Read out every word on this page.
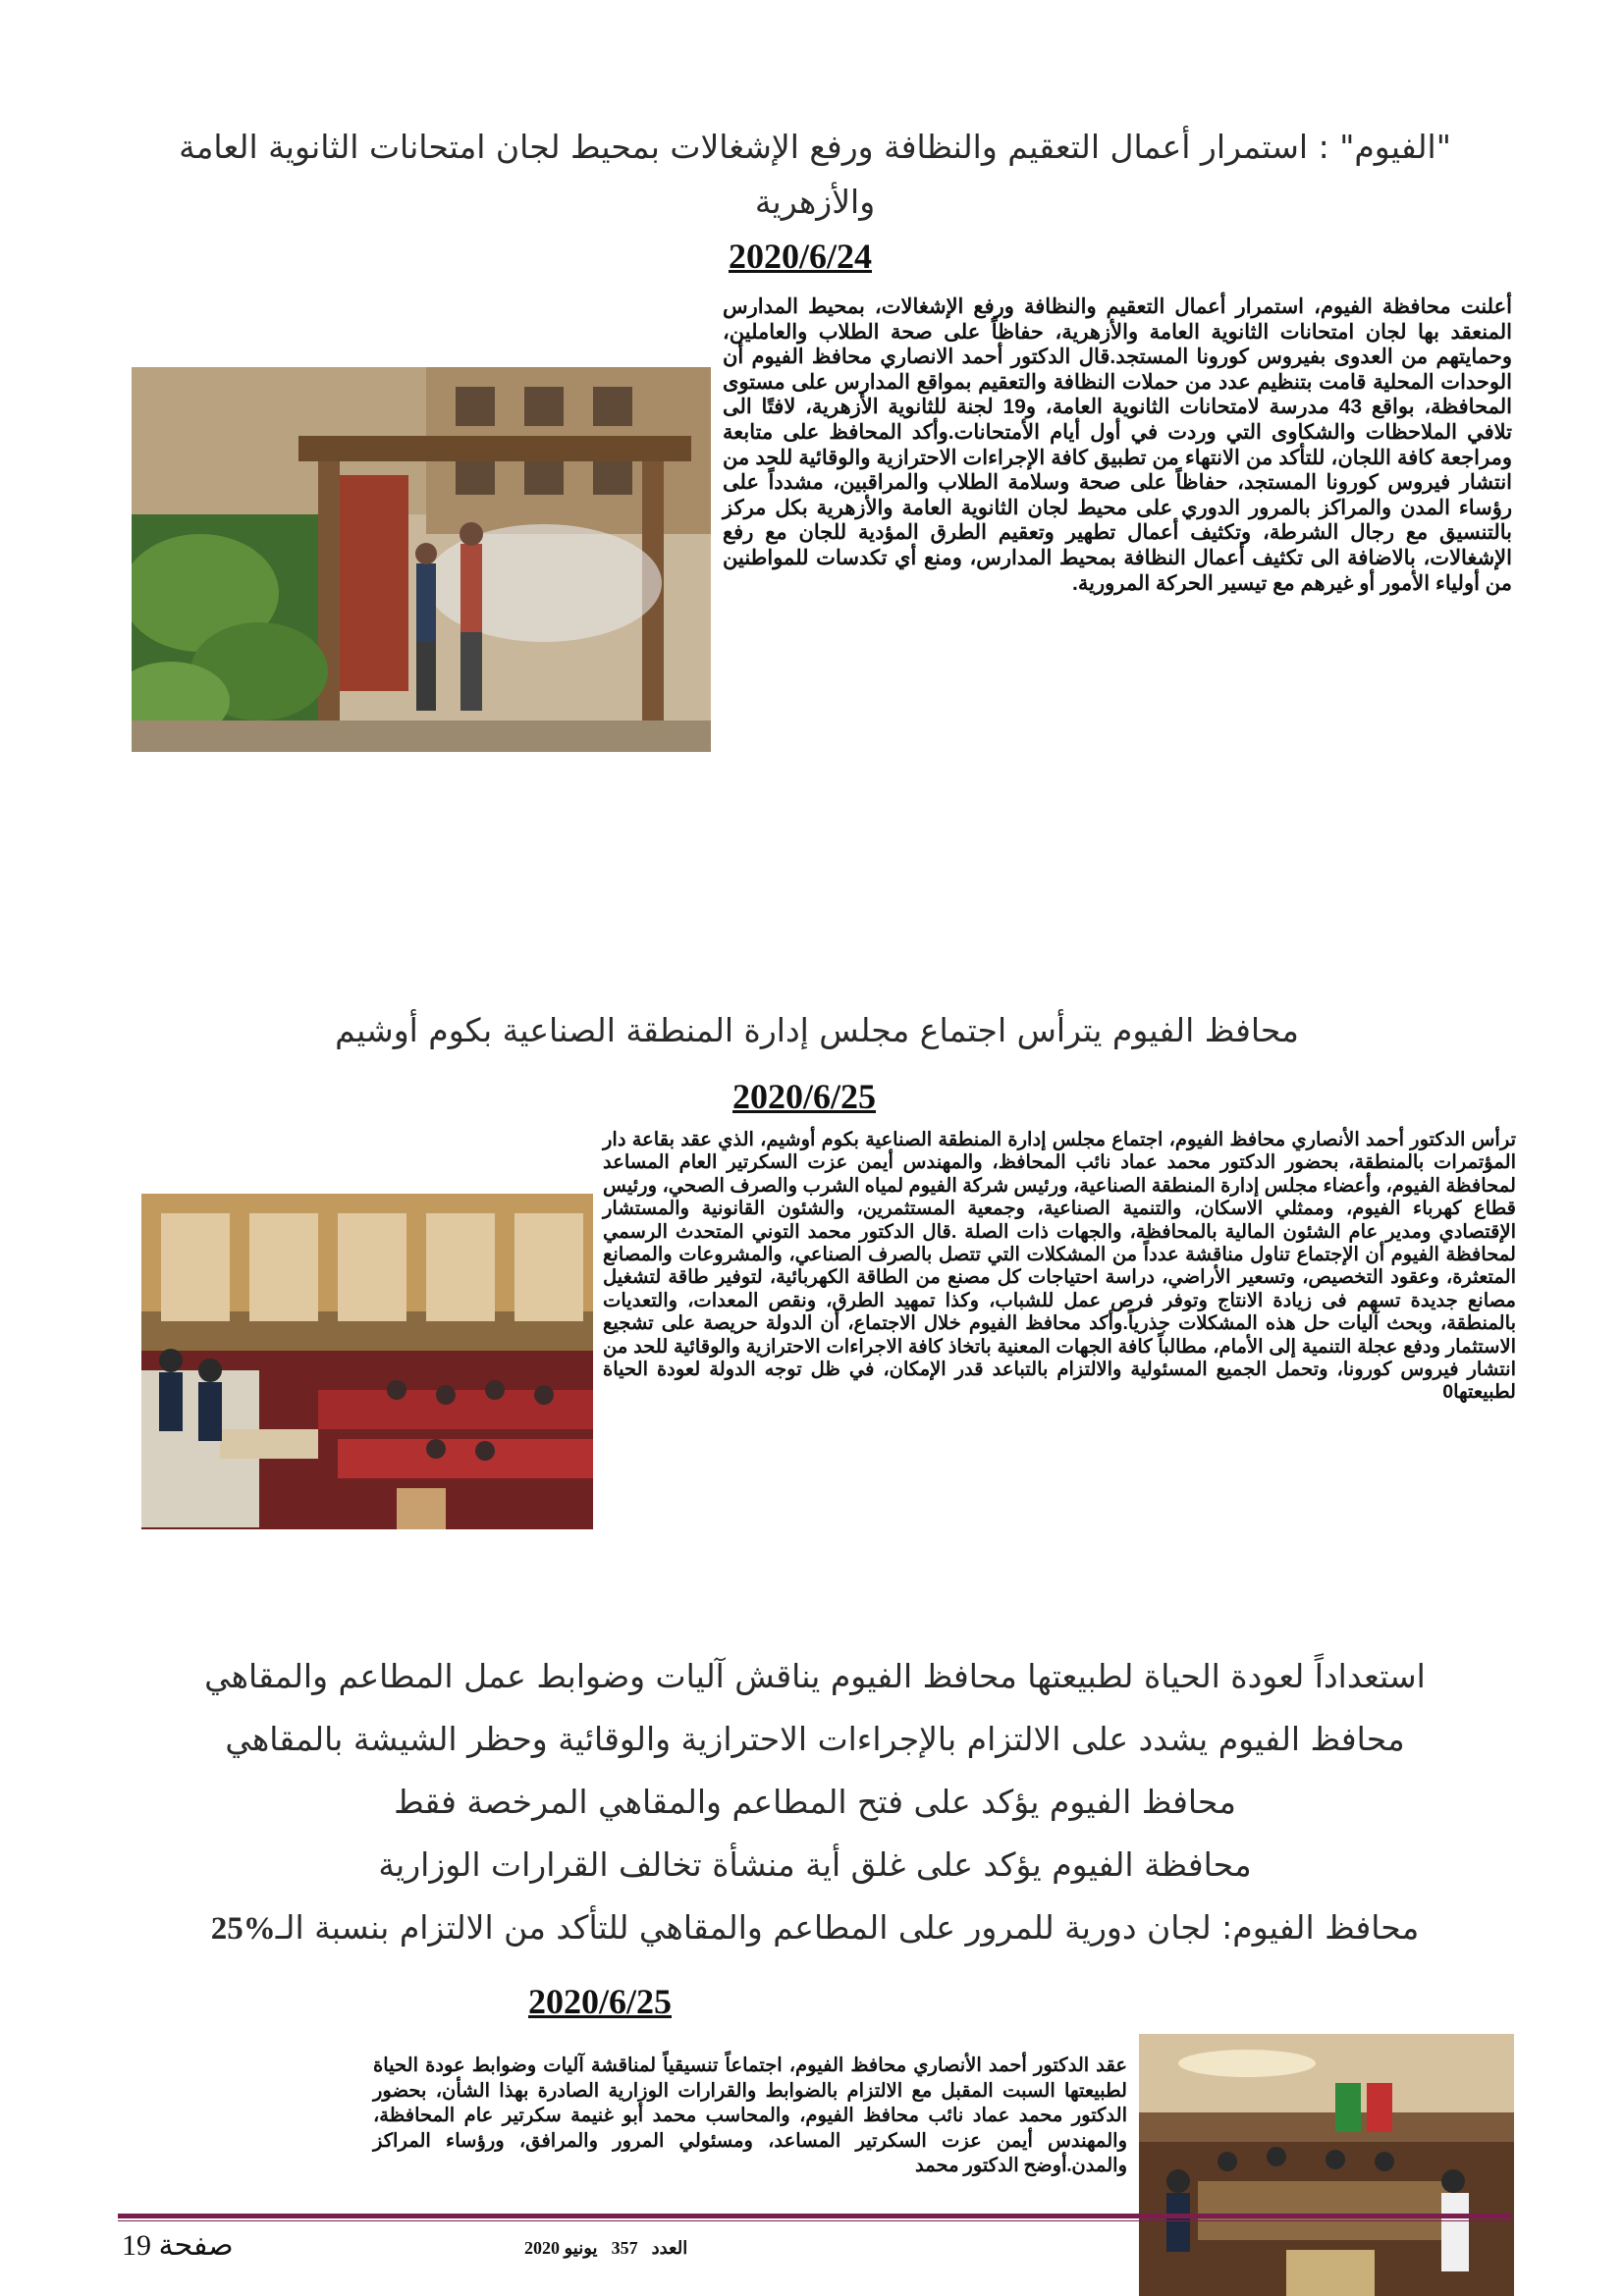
"الفيوم" : استمرار أعمال التعقيم والنظافة ورفع الإشغالات بمحيط لجان امتحانات الثانوية العامة والأزهرية
2020/6/24
أعلنت محافظة الفيوم، استمرار أعمال التعقيم والنظافة ورفع الإشغالات، بمحيط المدارس المنعقد بها لجان امتحانات الثانوية العامة والأزهرية، حفاظاً على صحة الطلاب والعاملين، وحمايتهم من العدوى بفيروس كورونا المستجد.قال الدكتور أحمد الانصاري محافظ الفيوم أن الوحدات المحلية قامت بتنظيم عدد من حملات النظافة والتعقيم بمواقع المدارس على مستوى المحافظة، بواقع 43 مدرسة لامتحانات الثانوية العامة، و19 لجنة للثانوية الأزهرية، لافتًا الى تلافي الملاحظات والشكاوى التي وردت في أول أيام الأمتحانات.وأكد المحافظ على متابعة ومراجعة كافة اللجان، للتأكد من الانتهاء من تطبيق كافة الإجراءات الاحترازية والوقائية للحد من انتشار فيروس كورونا المستجد، حفاظاً على صحة وسلامة الطلاب والمراقبين، مشدداً على رؤساء المدن والمراكز بالمرور الدوري على محيط لجان الثانوية العامة والأزهرية بكل مركز بالتنسيق مع رجال الشرطة، وتكثيف أعمال تطهير وتعقيم الطرق المؤدية للجان مع رفع الإشغالات، بالاضافة الى تكثيف أعمال النظافة بمحيط المدارس، ومنع أي تكدسات للمواطنين من أولياء الأمور أو غيرهم مع تيسير الحركة المرورية.
محافظ الفيوم يترأس اجتماع مجلس إدارة المنطقة الصناعية بكوم أوشيم
2020/6/25
ترأس الدكتور أحمد الأنصاري محافظ الفيوم، اجتماع مجلس إدارة المنطقة الصناعية بكوم أوشيم، الذي عقد بقاعة دار المؤتمرات بالمنطقة، بحضور الدكتور محمد عماد نائب المحافظ، والمهندس أيمن عزت السكرتير العام المساعد لمحافظة الفيوم، وأعضاء مجلس إدارة المنطقة الصناعية، ورئيس شركة الفيوم لمياه الشرب والصرف الصحي، ورئيس قطاع كهرباء الفيوم، وممثلي الاسكان، والتنمية الصناعية، وجمعية المستثمرين، والشئون القانونية والمستشار الإقتصادي ومدير عام الشئون المالية بالمحافظة، والجهات ذات الصلة .قال الدكتور محمد التوني المتحدث الرسمي لمحافظة الفيوم أن الإجتماع تناول مناقشة عدداً من المشكلات التي تتصل بالصرف الصناعي، والمشروعات والمصانع المتعثرة، وعقود التخصيص، وتسعير الأراضي، دراسة احتياجات كل مصنع من الطاقة الكهربائية، لتوفير طاقة لتشغيل مصانع جديدة تسهم فى زيادة الانتاج وتوفر فرص عمل للشباب، وكذا تمهيد الطرق، ونقص المعدات، والتعديات بالمنطقة، وبحث آليات حل هذه المشكلات جذرياً.وأكد محافظ الفيوم خلال الاجتماع، أن الدولة حريصة على تشجيع الاستثمار ودفع عجلة التنمية إلى الأمام، مطالباً كافة الجهات المعنية باتخاذ كافة الاجراءات الاحترازية والوقائية للحد من انتشار فيروس كورونا، وتحمل الجميع المسئولية والالتزام بالتباعد قدر الإمكان، في ظل توجه الدولة لعودة الحياة لطبيعتها0
استعداداً لعودة الحياة لطبيعتها محافظ الفيوم يناقش آليات وضوابط عمل المطاعم والمقاهي
محافظ الفيوم يشدد على الالتزام بالإجراءات الاحترازية والوقائية وحظر الشيشة بالمقاهي
محافظ الفيوم يؤكد على فتح المطاعم والمقاهي المرخصة فقط
محافظة الفيوم يؤكد على غلق أية منشأة تخالف القرارات الوزارية
محافظ الفيوم: لجان دورية للمرور على المطاعم والمقاهي للتأكد من الالتزام بنسبة الـ25%
2020/6/25
عقد الدكتور أحمد الأنصاري محافظ الفيوم، اجتماعاً تنسيقياً لمناقشة آليات وضوابط عودة الحياة لطبيعتها السبت المقبل مع الالتزام بالضوابط والقرارات الوزارية الصادرة بهذا الشأن، بحضور الدكتور محمد عماد نائب محافظ الفيوم، والمحاسب محمد أبو غنيمة سكرتير عام المحافظة، والمهندس أيمن عزت السكرتير المساعد، ومسئولي المرور والمرافق، ورؤساء المراكز والمدن.أوضح الدكتور محمد
صفحة 19	العدد357يونيو 2020
